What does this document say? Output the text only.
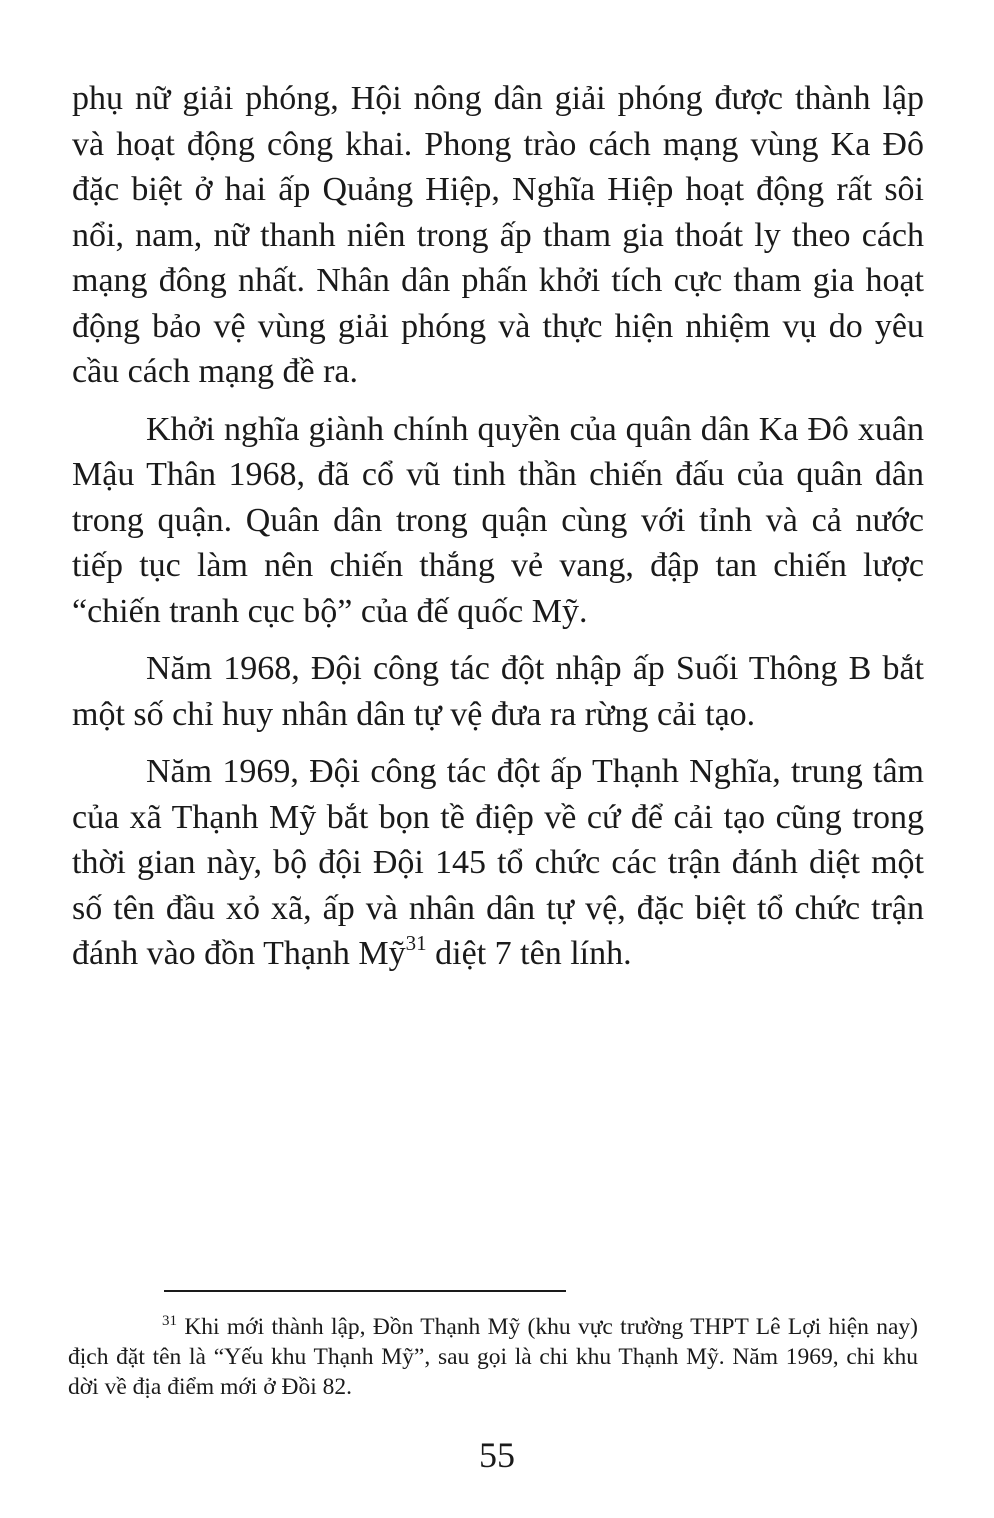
phụ nữ giải phóng, Hội nông dân giải phóng được thành lập và hoạt động công khai. Phong trào cách mạng vùng Ka Đô đặc biệt ở hai ấp Quảng Hiệp, Nghĩa Hiệp hoạt động rất sôi nổi, nam, nữ thanh niên trong ấp tham gia thoát ly theo cách mạng đông nhất. Nhân dân phấn khởi tích cực tham gia hoạt động bảo vệ vùng giải phóng và thực hiện nhiệm vụ do yêu cầu cách mạng đề ra.

Khởi nghĩa giành chính quyền của quân dân Ka Đô xuân Mậu Thân 1968, đã cổ vũ tinh thần chiến đấu của quân dân trong quận. Quân dân trong quận cùng với tỉnh và cả nước tiếp tục làm nên chiến thắng vẻ vang, đập tan chiến lược “chiến tranh cục bộ” của đế quốc Mỹ.

Năm 1968, Đội công tác đột nhập ấp Suối Thông B bắt một số chỉ huy nhân dân tự vệ đưa ra rừng cải tạo.

Năm 1969, Đội công tác đột ấp Thạnh Nghĩa, trung tâm của xã Thạnh Mỹ bắt bọn tề điệp về cứ để cải tạo cũng trong thời gian này, bộ đội Đội 145 tổ chức các trận đánh diệt một số tên đầu xỏ xã, ấp và nhân dân tự vệ, đặc biệt tổ chức trận đánh vào đồn Thạnh Mỹ$^{31}$ diệt 7 tên lính.

$^{31}$ Khi mới thành lập, Đồn Thạnh Mỹ (khu vực trường THPT Lê Lợi hiện nay) địch đặt tên là “Yếu khu Thạnh Mỹ”, sau gọi là chi khu Thạnh Mỹ. Năm 1969, chi khu dời về địa điểm mới ở Đồi 82.

55
